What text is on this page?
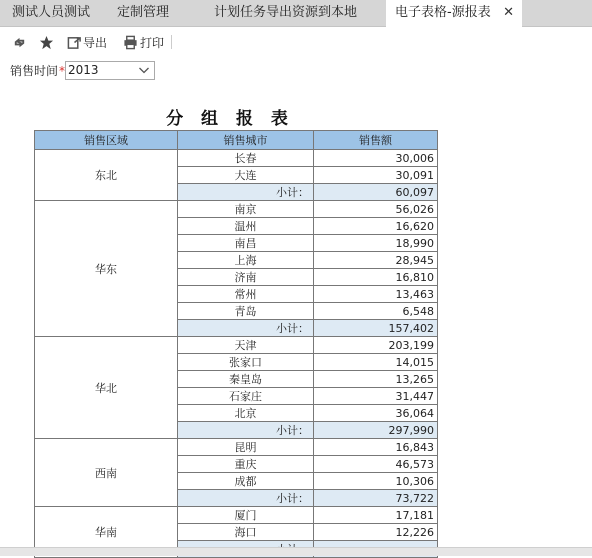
测试人员测试	定制管理	计划任务导出资源到本地	电子表格-源报表 ✕
导出	打印
销售时间 * 2013
分 组 报 表
销售区域	销售城市	销售额
东北	长春	30,006
	大连	30,091
	小计：	60,097
华东	南京	56,026
	温州	16,620
	南昌	18,990
	上海	28,945
	济南	16,810
	常州	13,463
	青岛	6,548
	小计：	157,402
华北	天津	203,199
	张家口	14,015
	秦皇岛	13,265
	石家庄	31,447
	北京	36,064
	小计：	297,990
西南	昆明	16,843
	重庆	46,573
	成都	10,306
	小计：	73,722
华南	厦门	17,181
	海口	12,226
